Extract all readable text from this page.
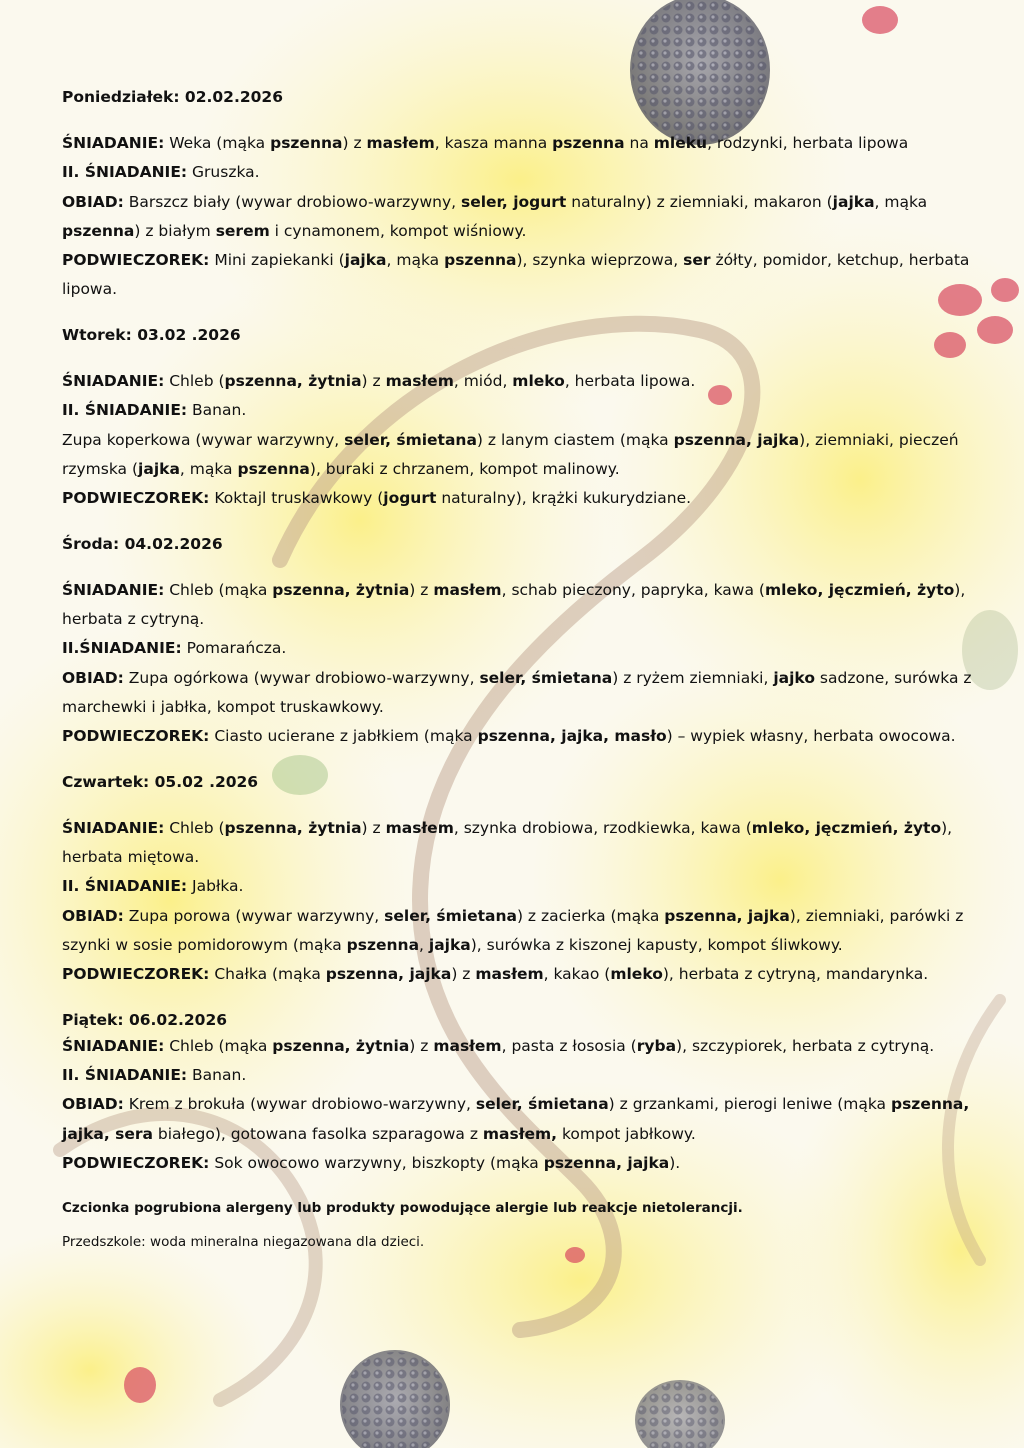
Poniedziałek: 02.02.2026

ŚNIADANIE: Weka (mąka pszenna) z masłem, kasza manna pszenna na mleku, rodzynki, herbata lipowa

II. ŚNIADANIE: Gruszka.

OBIAD: Barszcz biały (wywar drobiowo-warzywny, seler, jogurt naturalny) z ziemniaki, makaron (jajka, mąka pszenna) z białym serem i cynamonem, kompot wiśniowy.

PODWIECZOREK: Mini zapiekanki (jajka, mąka pszenna), szynka wieprzowa, ser żółty, pomidor, ketchup, herbata lipowa.

Wtorek: 03.02 .2026

ŚNIADANIE: Chleb (pszenna, żytnia) z masłem, miód, mleko, herbata lipowa.

II. ŚNIADANIE: Banan.

Zupa koperkowa (wywar warzywny, seler, śmietana) z lanym ciastem (mąka pszenna, jajka), ziemniaki, pieczeń rzymska (jajka, mąka pszenna), buraki z chrzanem, kompot malinowy.

PODWIECZOREK: Koktajl truskawkowy (jogurt naturalny), krążki kukurydziane.

Środa: 04.02.2026

ŚNIADANIE: Chleb (mąka pszenna, żytnia) z masłem, schab pieczony, papryka, kawa (mleko, jęczmień, żyto), herbata z cytryną.

II.ŚNIADANIE: Pomarańcza.

OBIAD: Zupa ogórkowa (wywar drobiowo-warzywny, seler, śmietana) z ryżem ziemniaki, jajko sadzone, surówka z marchewki i jabłka, kompot truskawkowy.

PODWIECZOREK: Ciasto ucierane z jabłkiem (mąka pszenna, jajka, masło) – wypiek własny, herbata owocowa.

Czwartek: 05.02 .2026

ŚNIADANIE: Chleb (pszenna, żytnia) z masłem, szynka drobiowa, rzodkiewka, kawa (mleko, jęczmień, żyto), herbata miętowa.

II. ŚNIADANIE: Jabłka.

OBIAD: Zupa porowa (wywar warzywny, seler, śmietana) z zacierka (mąka pszenna, jajka), ziemniaki, parówki z szynki w sosie pomidorowym (mąka pszenna, jajka), surówka z kiszonej kapusty, kompot śliwkowy.

PODWIECZOREK: Chałka (mąka pszenna, jajka) z masłem, kakao (mleko), herbata z cytryną, mandarynka.

Piątek: 06.02.2026

ŚNIADANIE: Chleb (mąka pszenna, żytnia) z masłem, pasta z łososia (ryba), szczypiorek, herbata z cytryną.

II. ŚNIADANIE: Banan.

OBIAD: Krem z brokuła (wywar drobiowo-warzywny, seler, śmietana) z grzankami, pierogi leniwe (mąka pszenna, jajka, sera białego), gotowana fasolka szparagowa z masłem, kompot jabłkowy.

PODWIECZOREK: Sok owocowo warzywny, biszkopty (mąka pszenna, jajka).

Czcionka pogrubiona alergeny lub produkty powodujące alergie lub reakcje nietolerancji.

Przedszkole: woda mineralna niegazowana dla dzieci.
